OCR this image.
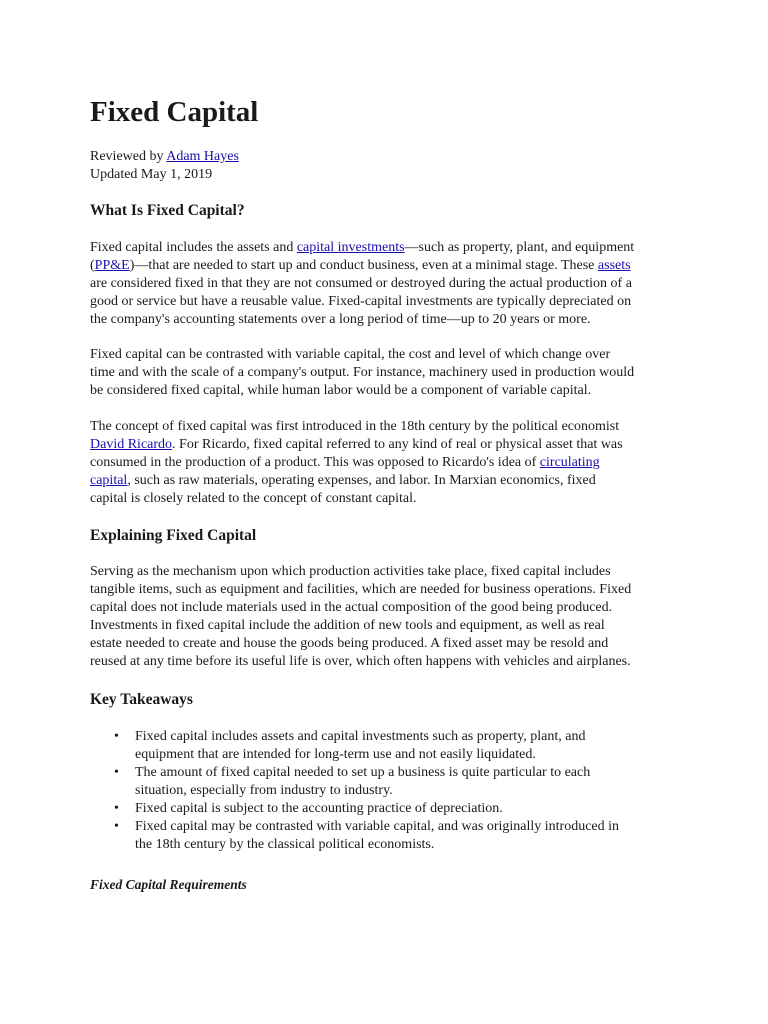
Fixed Capital
Reviewed by Adam Hayes
Updated May 1, 2019
What Is Fixed Capital?

Fixed capital includes the assets and capital investments—such as property, plant, and equipment
(PP&E)—that are needed to start up and conduct business, even at a minimal stage. These assets
are considered fixed in that they are not consumed or destroyed during the actual production of a
good or service but have a reusable value. Fixed-capital investments are typically depreciated on
the company's accounting statements over a long period of time—up to 20 years or more.

Fixed capital can be contrasted with variable capital, the cost and level of which change over
time and with the scale of a company's output. For instance, machinery used in production would
be considered fixed capital, while human labor would be a component of variable capital.

The concept of fixed capital was first introduced in the 18th century by the political economist
David Ricardo. For Ricardo, fixed capital referred to any kind of real or physical asset that was
consumed in the production of a product. This was opposed to Ricardo's idea of circulating
capital, such as raw materials, operating expenses, and labor. In Marxian economics, fixed
capital is closely related to the concept of constant capital.

Explaining Fixed Capital

Serving as the mechanism upon which production activities take place, fixed capital includes
tangible items, such as equipment and facilities, which are needed for business operations. Fixed
capital does not include materials used in the actual composition of the good being produced.
Investments in fixed capital include the addition of new tools and equipment, as well as real
estate needed to create and house the goods being produced. A fixed asset may be resold and
reused at any time before its useful life is over, which often happens with vehicles and airplanes.

Key Takeaways
• Fixed capital includes assets and capital investments such as property, plant, and
equipment that are intended for long-term use and not easily liquidated.
• The amount of fixed capital needed to set up a business is quite particular to each
situation, especially from industry to industry.
• Fixed capital is subject to the accounting practice of depreciation.
• Fixed capital may be contrasted with variable capital, and was originally introduced in
the 18th century by the classical political economists.
Fixed Capital Requirements
